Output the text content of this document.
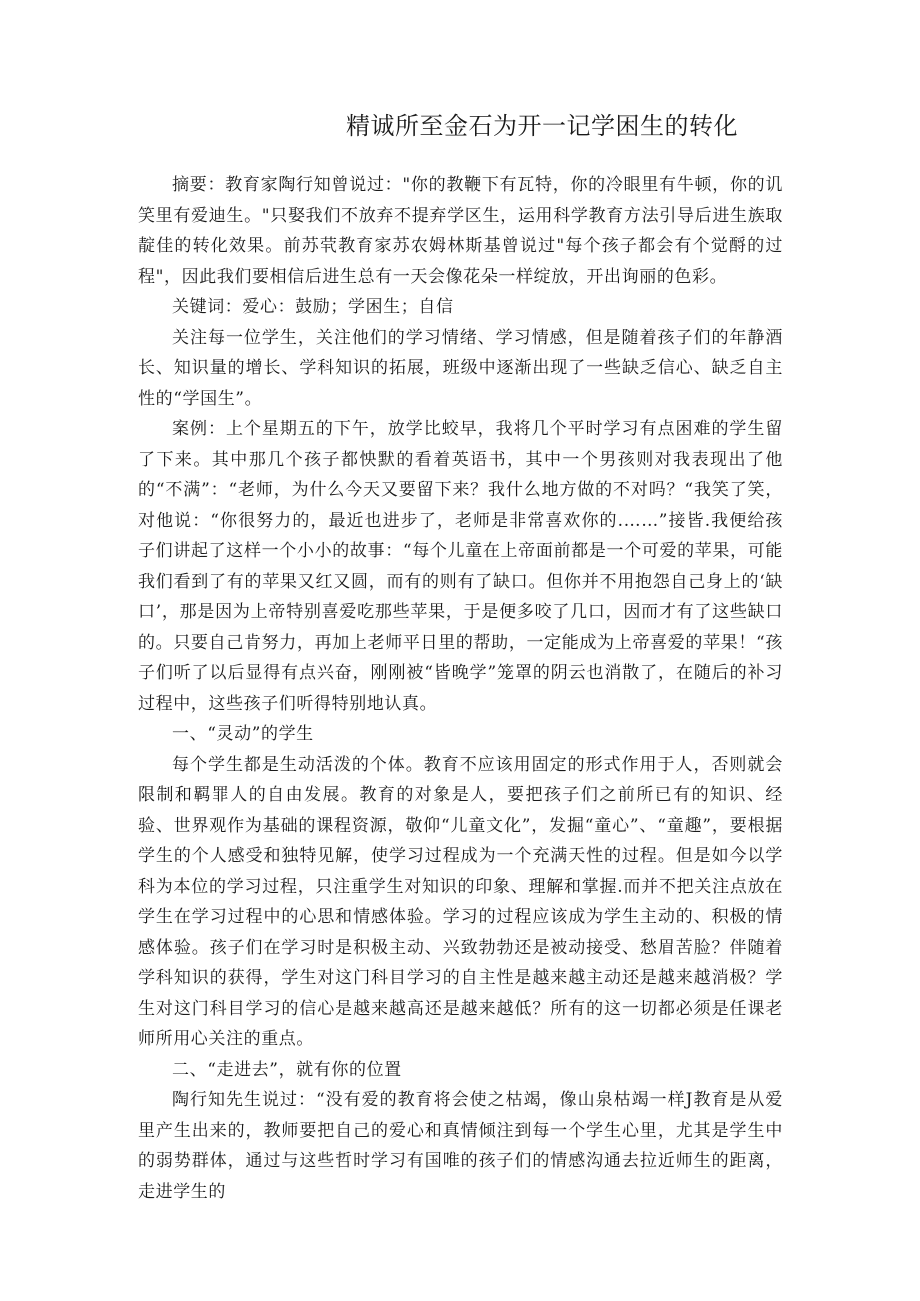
精诚所至金石为开一记学困生的转化

摘要：教育家陶行知曾说过："你的教鞭下有瓦特，你的冷眼里有牛顿，你的讥笑里有爱迪生。"只娶我们不放弃不提弃学区生，运用科学教育方法引导后进生族取靛佳的转化效果。前苏茕教育家苏农姆林斯基曾说过"每个孩子都会有个觉酹的过程"，因此我们要相信后进生总有一天会像花朵一样绽放，开出询丽的色彩。

关键词：爱心：鼓励；学困生；自信

关注每一位学生，关注他们的学习情绪、学习情感，但是随着孩子们的年静酒长、知识量的增长、学科知识的拓展，班级中逐渐出现了一些缺乏信心、缺乏自主性的“学国生”。

案例：上个星期五的下午，放学比蛟早，我将几个平时学习有点困难的学生留了下来。其中那几个孩子都怏默的看着英语书，其中一个男孩则对我表现出了他的“不满”：“老师，为什么今天又要留下来？我什么地方做的不对吗？“我笑了笑，对他说：“你很努力的，最近也进步了，老师是非常喜欢你的.……”接皆.我便给孩子们讲起了这样一个小小的故事：“每个儿童在上帝面前都是一个可爱的苹果，可能我们看到了有的苹果又红又圆，而有的则有了缺口。但你并不用抱怨自己身上的‘缺口’，那是因为上帝特别喜爱吃那些苹果，于是便多咬了几口，因而才有了这些缺口的。只要自己肯努力，再加上老师平日里的帮助，一定能成为上帝喜爱的苹果！“孩子们听了以后显得有点兴奋，刚刚被“皆晚学”笼罩的阴云也消散了，在随后的补习过程中，这些孩子们听得特别地认真。

一、“灵动”的学生

每个学生都是生动活泼的个体。教育不应该用固定的形式作用于人，否则就会限制和羁罪人的自由发展。教育的对象是人，要把孩子们之前所已有的知识、经验、世界观作为基础的课程资源，敬仰“儿童文化”，发掘“童心”、“童趣”，要根据学生的个人感受和独特见解，使学习过程成为一个充满天性的过程。但是如今以学科为本位的学习过程，只注重学生对知识的印象、理解和掌握.而并不把关注点放在学生在学习过程中的心思和情感体验。学习的过程应该成为学生主动的、积极的情感体验。孩子们在学习时是积极主动、兴致勃勃还是被动接受、愁眉苦脸？伴随着学科知识的获得，学生对这门科目学习的自主性是越来越主动还是越来越消极？学生对这门科目学习的信心是越来越高还是越来越低？所有的这一切都必须是任课老师所用心关注的重点。

二、“走进去”，就有你的位置

陶行知先生说过：“没有爱的教育将会使之枯竭，像山泉枯竭一样J教育是从爱里产生出来的，教师要把自己的爱心和真情倾注到每一个学生心里，尤其是学生中的弱势群体，通过与这些哲时学习有国唯的孩子们的情感沟通去拉近师生的距离，走进学生的
